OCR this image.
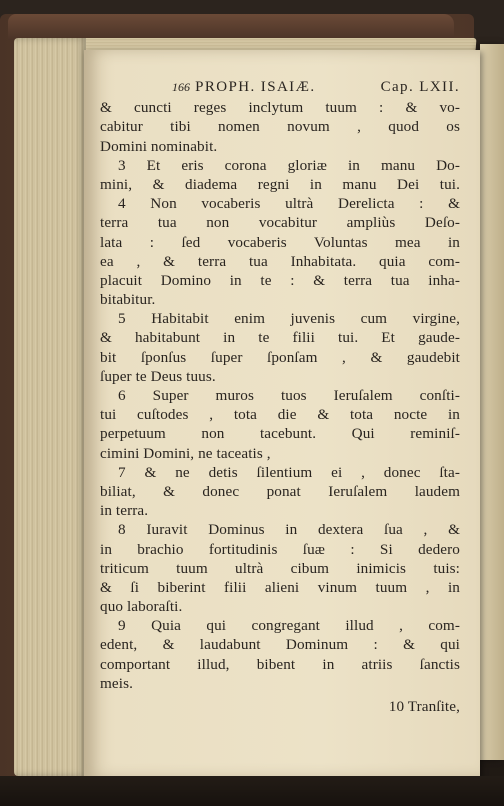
166 PROPH. ISAIÆ.	Cap. LXII.
& cuncti reges inclytum tuum : & vo-
cabitur tibi nomen novum , quod os
Domini nominabit.
3 Et eris corona gloriæ in manu Do-
mini, & diadema regni in manu Dei tui.
4 Non vocaberis ultrà Derelicta : &
terra tua non vocabitur ampliùs Deſo-
lata : ſed vocaberis Voluntas mea in
ea , & terra tua Inhabitata. quia com-
placuit Domino in te : & terra tua inha-
bitabitur.
5 Habitabit enim juvenis cum virgine,
& habitabunt in te filii tui. Et gaude-
bit ſponſus ſuper ſponſam , & gaudebit
ſuper te Deus tuus.
6 Super muros tuos Ieruſalem conſti-
tui cuſtodes , tota die & tota nocte in
perpetuum non tacebunt. Qui reminiſ-
cimini Domini, ne taceatis ,
7 & ne detis ſilentium ei , donec ſta-
biliat, & donec ponat Ieruſalem laudem
in terra.
8 Iuravit Dominus in dextera ſua , &
in brachio fortitudinis ſuæ : Si dedero
triticum tuum ultrà cibum inimicis tuis:
& ſi biberint filii alieni vinum tuum , in
quo laboraſti.
9 Quia qui congregant illud , com-
edent, & laudabunt Dominum : & qui
comportant illud, bibent in atriis ſanctis
meis.
10 Tranſite,
